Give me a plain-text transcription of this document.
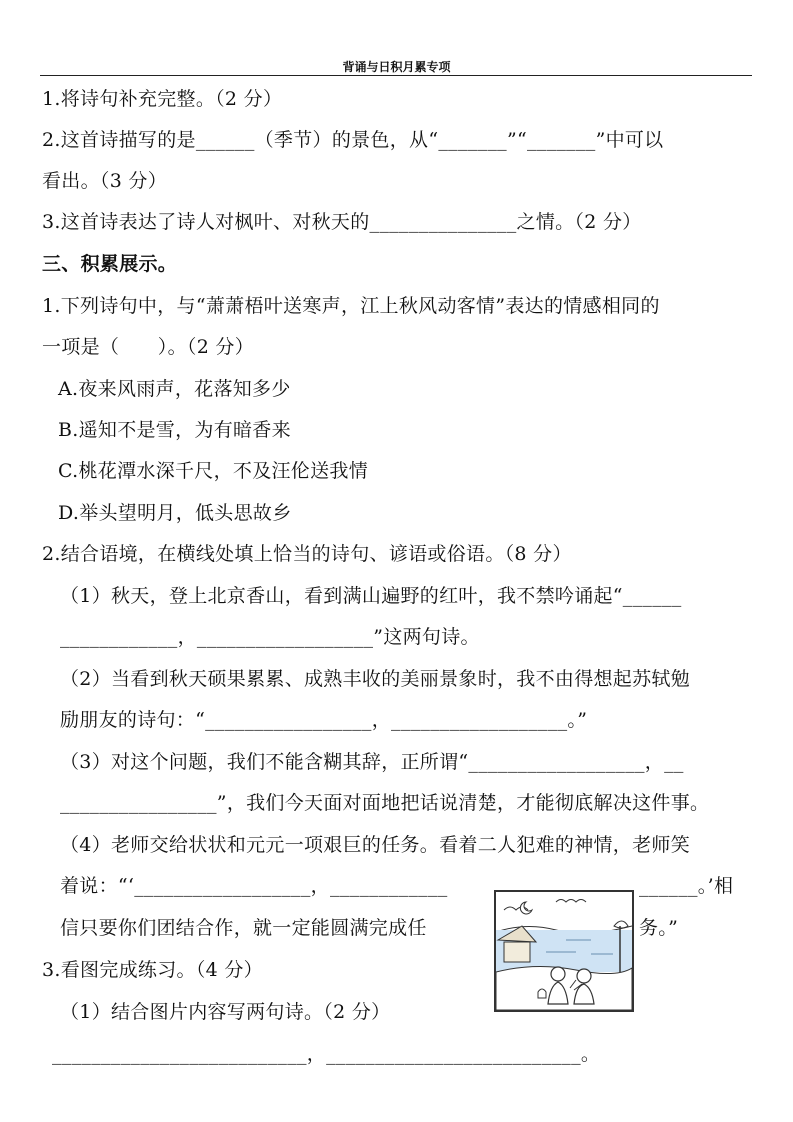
背诵与日积月累专项
1.将诗句补充完整。（2 分）
2.这首诗描写的是______（季节）的景色，从“_______”“_______”中可以
看出。（3 分）
3.这首诗表达了诗人对枫叶、对秋天的_______________之情。（2 分）
三、积累展示。
1.下列诗句中，与“萧萧梧叶送寒声，江上秋风动客情”表达的情感相同的
一项是（　　）。（2 分）
A.夜来风雨声，花落知多少
B.遥知不是雪，为有暗香来
C.桃花潭水深千尺，不及汪伦送我情
D.举头望明月，低头思故乡
2.结合语境，在横线处填上恰当的诗句、谚语或俗语。（8 分）
（1）秋天，登上北京香山，看到满山遍野的红叶，我不禁吟诵起“______
____________，__________________”这两句诗。
（2）当看到秋天硕果累累、成熟丰收的美丽景象时，我不由得想起苏轼勉
励朋友的诗句：“_________________，__________________。”
（3）对这个问题，我们不能含糊其辞，正所谓“__________________，__
________________”，我们今天面对面地把话说清楚，才能彻底解决这件事。
（4）老师交给状状和元元一项艰巨的任务。看着二人犯难的神情，老师笑
着说：“‘__________________，____________	______。’相
信只要你们团结合作，就一定能圆满完成任	务。”
3.看图完成练习。（4 分）
（1）结合图片内容写两句诗。（2 分）
__________________________，__________________________。
